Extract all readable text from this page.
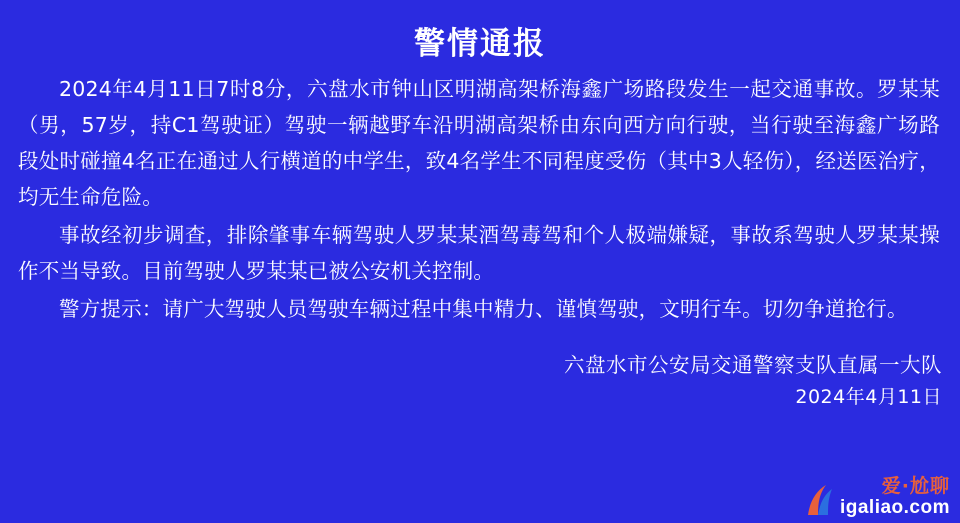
警情通报

2024年4月11日7时8分，六盘水市钟山区明湖高架桥海鑫广场路段发生一起交通事故。罗某某（男，57岁，持C1驾驶证）驾驶一辆越野车沿明湖高架桥由东向西方向行驶，当行驶至海鑫广场路段处时碰撞4名正在通过人行横道的中学生，致4名学生不同程度受伤（其中3人轻伤），经送医治疗，均无生命危险。

事故经初步调查，排除肇事车辆驾驶人罗某某酒驾毒驾和个人极端嫌疑，事故系驾驶人罗某某操作不当导致。目前驾驶人罗某某已被公安机关控制。

警方提示：请广大驾驶人员驾驶车辆过程中集中精力、谨慎驾驶，文明行车。切勿争道抢行。

六盘水市公安局交通警察支队直属一大队
2024年4月11日
爱·尬聊
igaliao.com
